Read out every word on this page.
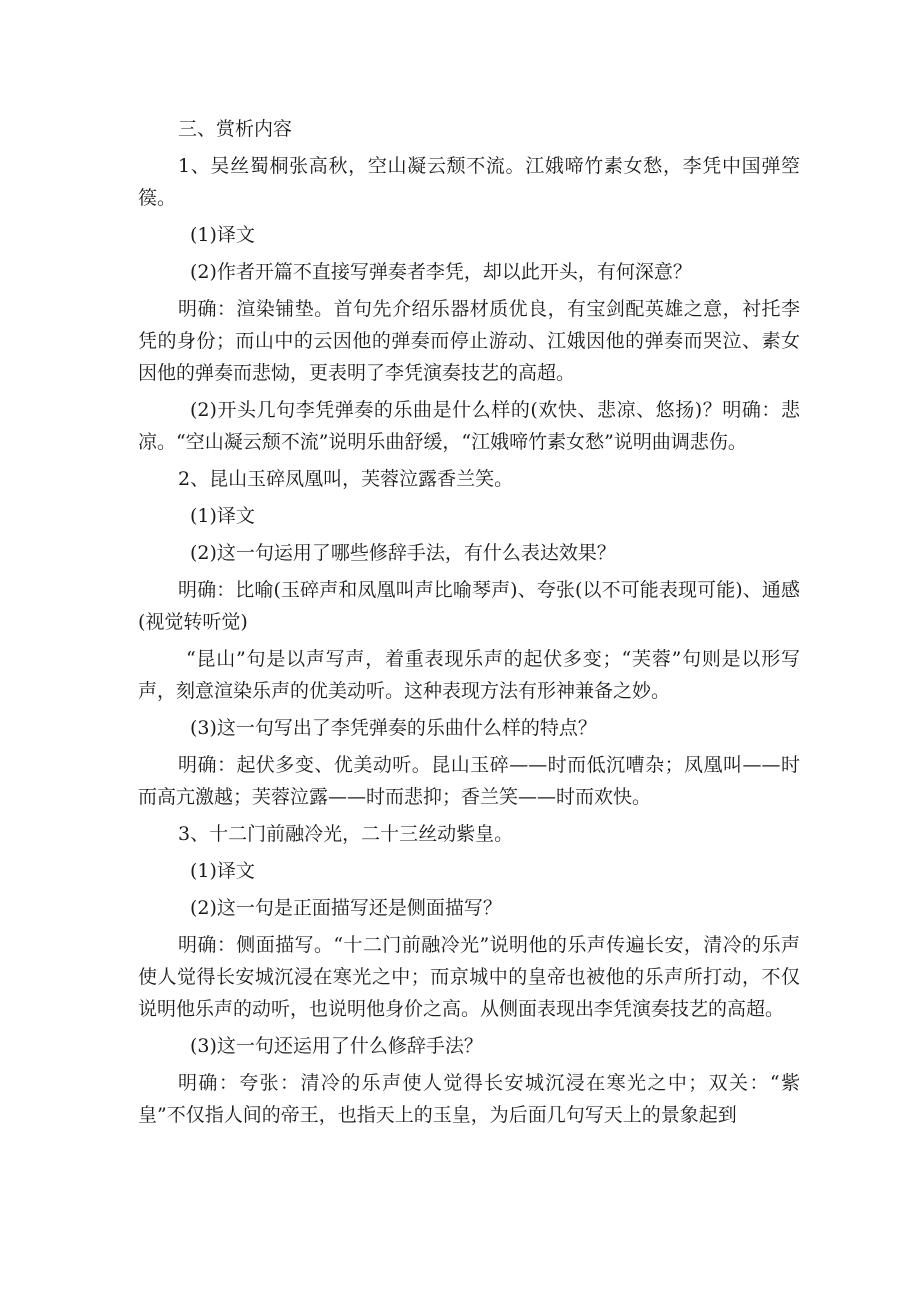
三、赏析内容

1、吴丝蜀桐张高秋，空山凝云颓不流。江娥啼竹素女愁，李凭中国弹箜篌。

(1)译文

(2)作者开篇不直接写弹奏者李凭，却以此开头，有何深意？

明确：渲染铺垫。首句先介绍乐器材质优良，有宝剑配英雄之意，衬托李凭的身份；而山中的云因他的弹奏而停止游动、江娥因他的弹奏而哭泣、素女因他的弹奏而悲恸，更表明了李凭演奏技艺的高超。

(2)开头几句李凭弹奏的乐曲是什么样的(欢快、悲凉、悠扬)？明确：悲凉。“空山凝云颓不流”说明乐曲舒缓，“江娥啼竹素女愁”说明曲调悲伤。

2、昆山玉碎凤凰叫，芙蓉泣露香兰笑。

(1)译文

(2)这一句运用了哪些修辞手法，有什么表达效果？

明确：比喻(玉碎声和凤凰叫声比喻琴声)、夸张(以不可能表现可能)、通感(视觉转听觉)

“昆山”句是以声写声，着重表现乐声的起伏多变；“芙蓉”句则是以形写声，刻意渲染乐声的优美动听。这种表现方法有形神兼备之妙。

(3)这一句写出了李凭弹奏的乐曲什么样的特点？

明确：起伏多变、优美动听。昆山玉碎——时而低沉嘈杂；凤凰叫——时而高亢激越；芙蓉泣露——时而悲抑；香兰笑——时而欢快。

3、十二门前融冷光，二十三丝动紫皇。

(1)译文

(2)这一句是正面描写还是侧面描写？

明确：侧面描写。“十二门前融冷光”说明他的乐声传遍长安，清冷的乐声使人觉得长安城沉浸在寒光之中；而京城中的皇帝也被他的乐声所打动，不仅说明他乐声的动听，也说明他身价之高。从侧面表现出李凭演奏技艺的高超。

(3)这一句还运用了什么修辞手法？

明确：夸张：清冷的乐声使人觉得长安城沉浸在寒光之中；双关：“紫皇”不仅指人间的帝王，也指天上的玉皇，为后面几句写天上的景象起到
